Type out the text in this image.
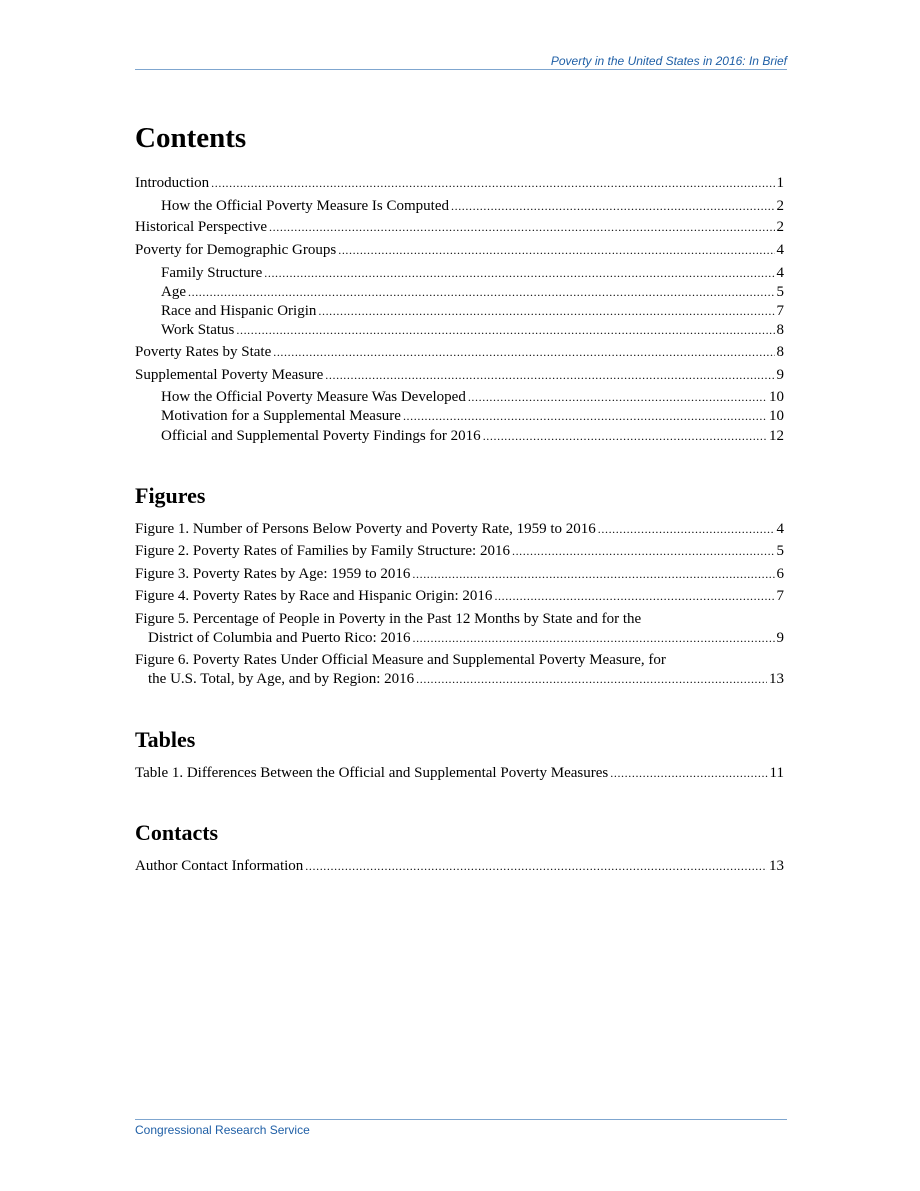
Poverty in the United States in 2016: In Brief
Contents
Introduction . . .	1
How the Official Poverty Measure Is Computed . . .	2
Historical Perspective . . .	2
Poverty for Demographic Groups . . .	4
Family Structure . . .	4
Age . . .	5
Race and Hispanic Origin . . .	7
Work Status . . .	8
Poverty Rates by State . . .	8
Supplemental Poverty Measure . . .	9
How the Official Poverty Measure Was Developed . . .	10
Motivation for a Supplemental Measure . . .	10
Official and Supplemental Poverty Findings for 2016 . . .	12
Figures
Figure 1. Number of Persons Below Poverty and Poverty Rate, 1959 to 2016 . . .	4
Figure 2. Poverty Rates of Families by Family Structure: 2016 . . .	5
Figure 3. Poverty Rates by Age: 1959 to 2016 . . .	6
Figure 4. Poverty Rates by Race and Hispanic Origin: 2016 . . .	7
Figure 5. Percentage of People in Poverty in the Past 12 Months by State and for the
District of Columbia and Puerto Rico: 2016 . . .	9
Figure 6. Poverty Rates Under Official Measure and Supplemental Poverty Measure, for
the U.S. Total, by Age, and by Region: 2016 . . .	13
Tables
Table 1. Differences Between the Official and Supplemental Poverty Measures . . .	11
Contacts
Author Contact Information . . .	13
Congressional Research Service
